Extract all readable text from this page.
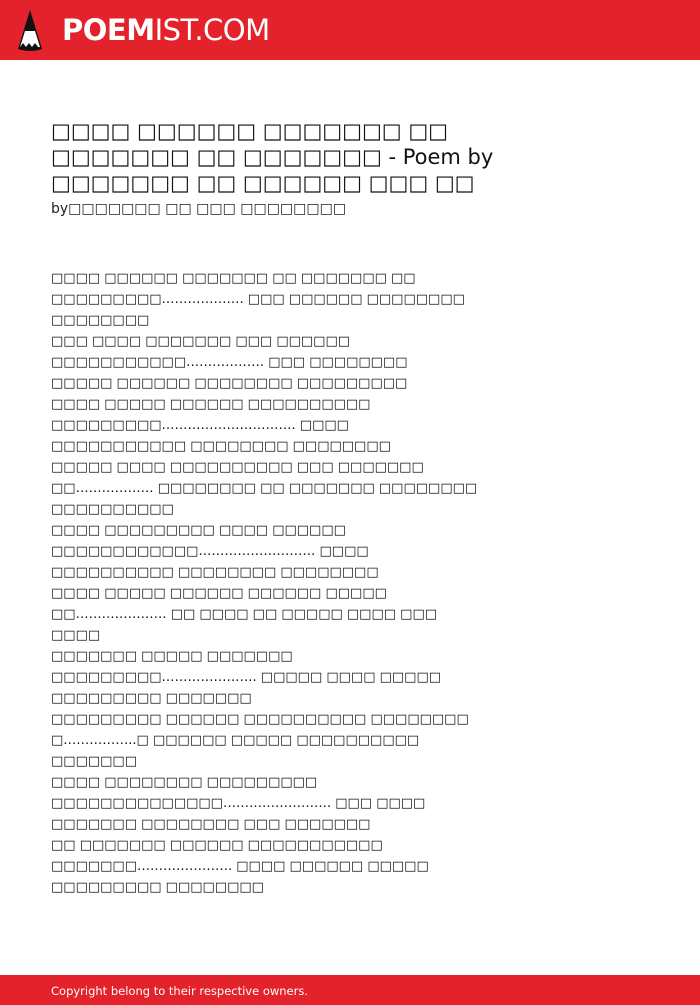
POEMIST.COM
□□□□ □□□□□□ □□□□□□□ □□
□□□□□□□ □□ □□□□□□□ - Poem by
□□□□□□□ □□ □□□□□□ □□□ □□
by□□□□□□□ □□ □□□ □□□□□□□□
□□□□ □□□□□□ □□□□□□□ □□ □□□□□□□ □□
□□□□□□□□□………………. □□□ □□□□□□ □□□□□□□□
□□□□□□□□
□□□ □□□□ □□□□□□□ □□□ □□□□□□
□□□□□□□□□□□……………… □□□ □□□□□□□□
□□□□□ □□□□□□ □□□□□□□□ □□□□□□□□□
□□□□ □□□□□ □□□□□□ □□□□□□□□□□
□□□□□□□□□…………………………. □□□□
□□□□□□□□□□□ □□□□□□□□ □□□□□□□□
□□□□□ □□□□ □□□□□□□□□□ □□□ □□□□□□□
□□……………… □□□□□□□□ □□ □□□□□□□ □□□□□□□□
□□□□□□□□□□
□□□□ □□□□□□□□□ □□□□ □□□□□□
□□□□□□□□□□□□……………………… □□□□
□□□□□□□□□□ □□□□□□□□ □□□□□□□□
□□□□ □□□□□ □□□□□□ □□□□□□ □□□□□
□□………………… □□ □□□□ □□ □□□□□ □□□□ □□□
□□□□
□□□□□□□ □□□□□ □□□□□□□
□□□□□□□□□…………………. □□□□□ □□□□ □□□□□
□□□□□□□□□ □□□□□□□
□□□□□□□□□ □□□□□□ □□□□□□□□□□ □□□□□□□□
□……………..□ □□□□□□ □□□□□ □□□□□□□□□□
□□□□□□□
□□□□ □□□□□□□□ □□□□□□□□□
□□□□□□□□□□□□□□……………………. □□□ □□□□
□□□□□□□ □□□□□□□□ □□□ □□□□□□□
□□ □□□□□□□ □□□□□□ □□□□□□□□□□□
□□□□□□□…………………. □□□□ □□□□□□ □□□□□
□□□□□□□□□ □□□□□□□□
Copyright belong to their respective owners.
